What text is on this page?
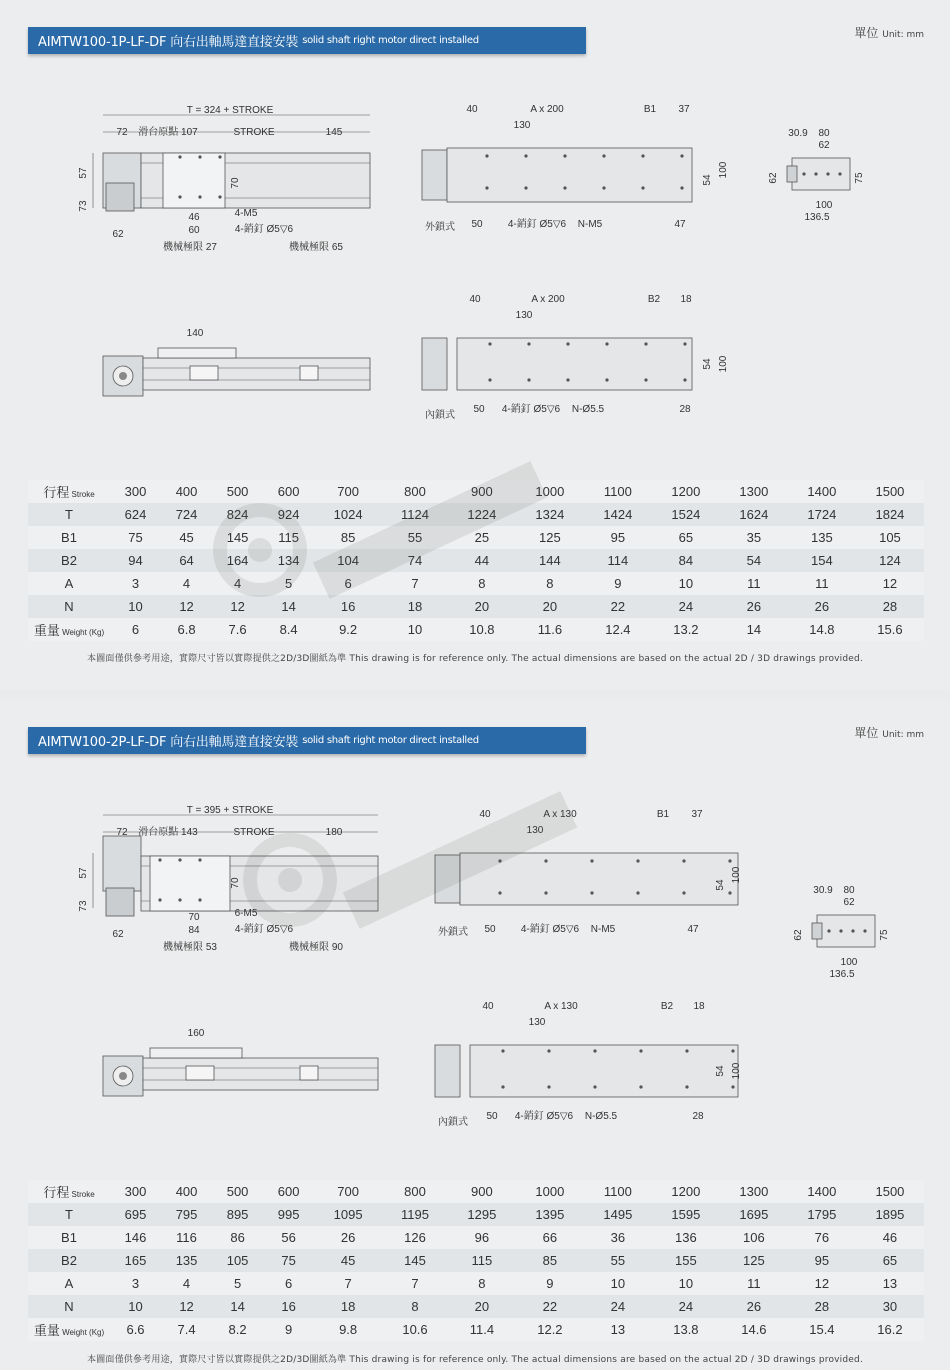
AIMTW100-1P-LF-DF 向右出軸馬達直接安裝 solid shaft right motor direct installed
單位 Unit: mm
T = 324 + STROKE
72 滑台原點 107	STROKE	145
57
73
62
70
46
60
4-M5
4-銷釘 Ø5▽6
機械極限 27	機械極限 65
140
40	A x 200	B1 37
130
外鎖式 50	4-銷釘 Ø5▽6 N-M5	47
54
100
30.9 80
62
62	75
100
136.5
40	A x 200	B2 18
130
內鎖式
50 4-銷釘 Ø5▽6 N-Ø5.5	28
54 100
行程 Stroke	300	400	500	600	700	800	900	1000	1100	1200	1300	1400	1500
T	624	724	824	924	1024	1124	1224	1324	1424	1524	1624	1724	1824
B1	75	45	145	115	85	55	25	125	95	65	35	135	105
B2	94	64	164	134	104	74	44	144	114	84	54	154	124
A	3	4	4	5	6	7	8	8	9	10	11	11	12
N	10	12	12	14	16	18	20	20	22	24	26	26	28
重量 Weight (Kg)	6	6.8	7.6	8.4	9.2	10	10.8	11.6	12.4	13.2	14	14.8	15.6
本圖面僅供參考用途，實際尺寸皆以實際提供之2D/3D圖紙為準 This drawing is for reference only. The actual dimensions are based on the actual 2D / 3D drawings provided.
AIMTW100-2P-LF-DF 向右出軸馬達直接安裝 solid shaft right motor direct installed
單位 Unit: mm
T = 395 + STROKE
72 滑台原點 143	STROKE	180
57
73
62
70
70
84
6-M5
4-銷釘 Ø5▽6
機械極限 53	機械極限 90
160
40	A x 130	B1 37
130
外鎖式 50	4-銷釘 Ø5▽6 N-M5	47
54
100
30.9 80
62
62	75
100
136.5
40	A x 130	B2 18
130
內鎖式
50 4-銷釘 Ø5▽6 N-Ø5.5	28
54 100
行程 Stroke	300	400	500	600	700	800	900	1000	1100	1200	1300	1400	1500
T	695	795	895	995	1095	1195	1295	1395	1495	1595	1695	1795	1895
B1	146	116	86	56	26	126	96	66	36	136	106	76	46
B2	165	135	105	75	45	145	115	85	55	155	125	95	65
A	3	4	5	6	7	7	8	9	10	10	11	12	13
N	10	12	14	16	18	8	20	22	24	24	26	28	30
重量 Weight (Kg)	6.6	7.4	8.2	9	9.8	10.6	11.4	12.2	13	13.8	14.6	15.4	16.2
本圖面僅供參考用途，實際尺寸皆以實際提供之2D/3D圖紙為準 This drawing is for reference only. The actual dimensions are based on the actual 2D / 3D drawings provided.
